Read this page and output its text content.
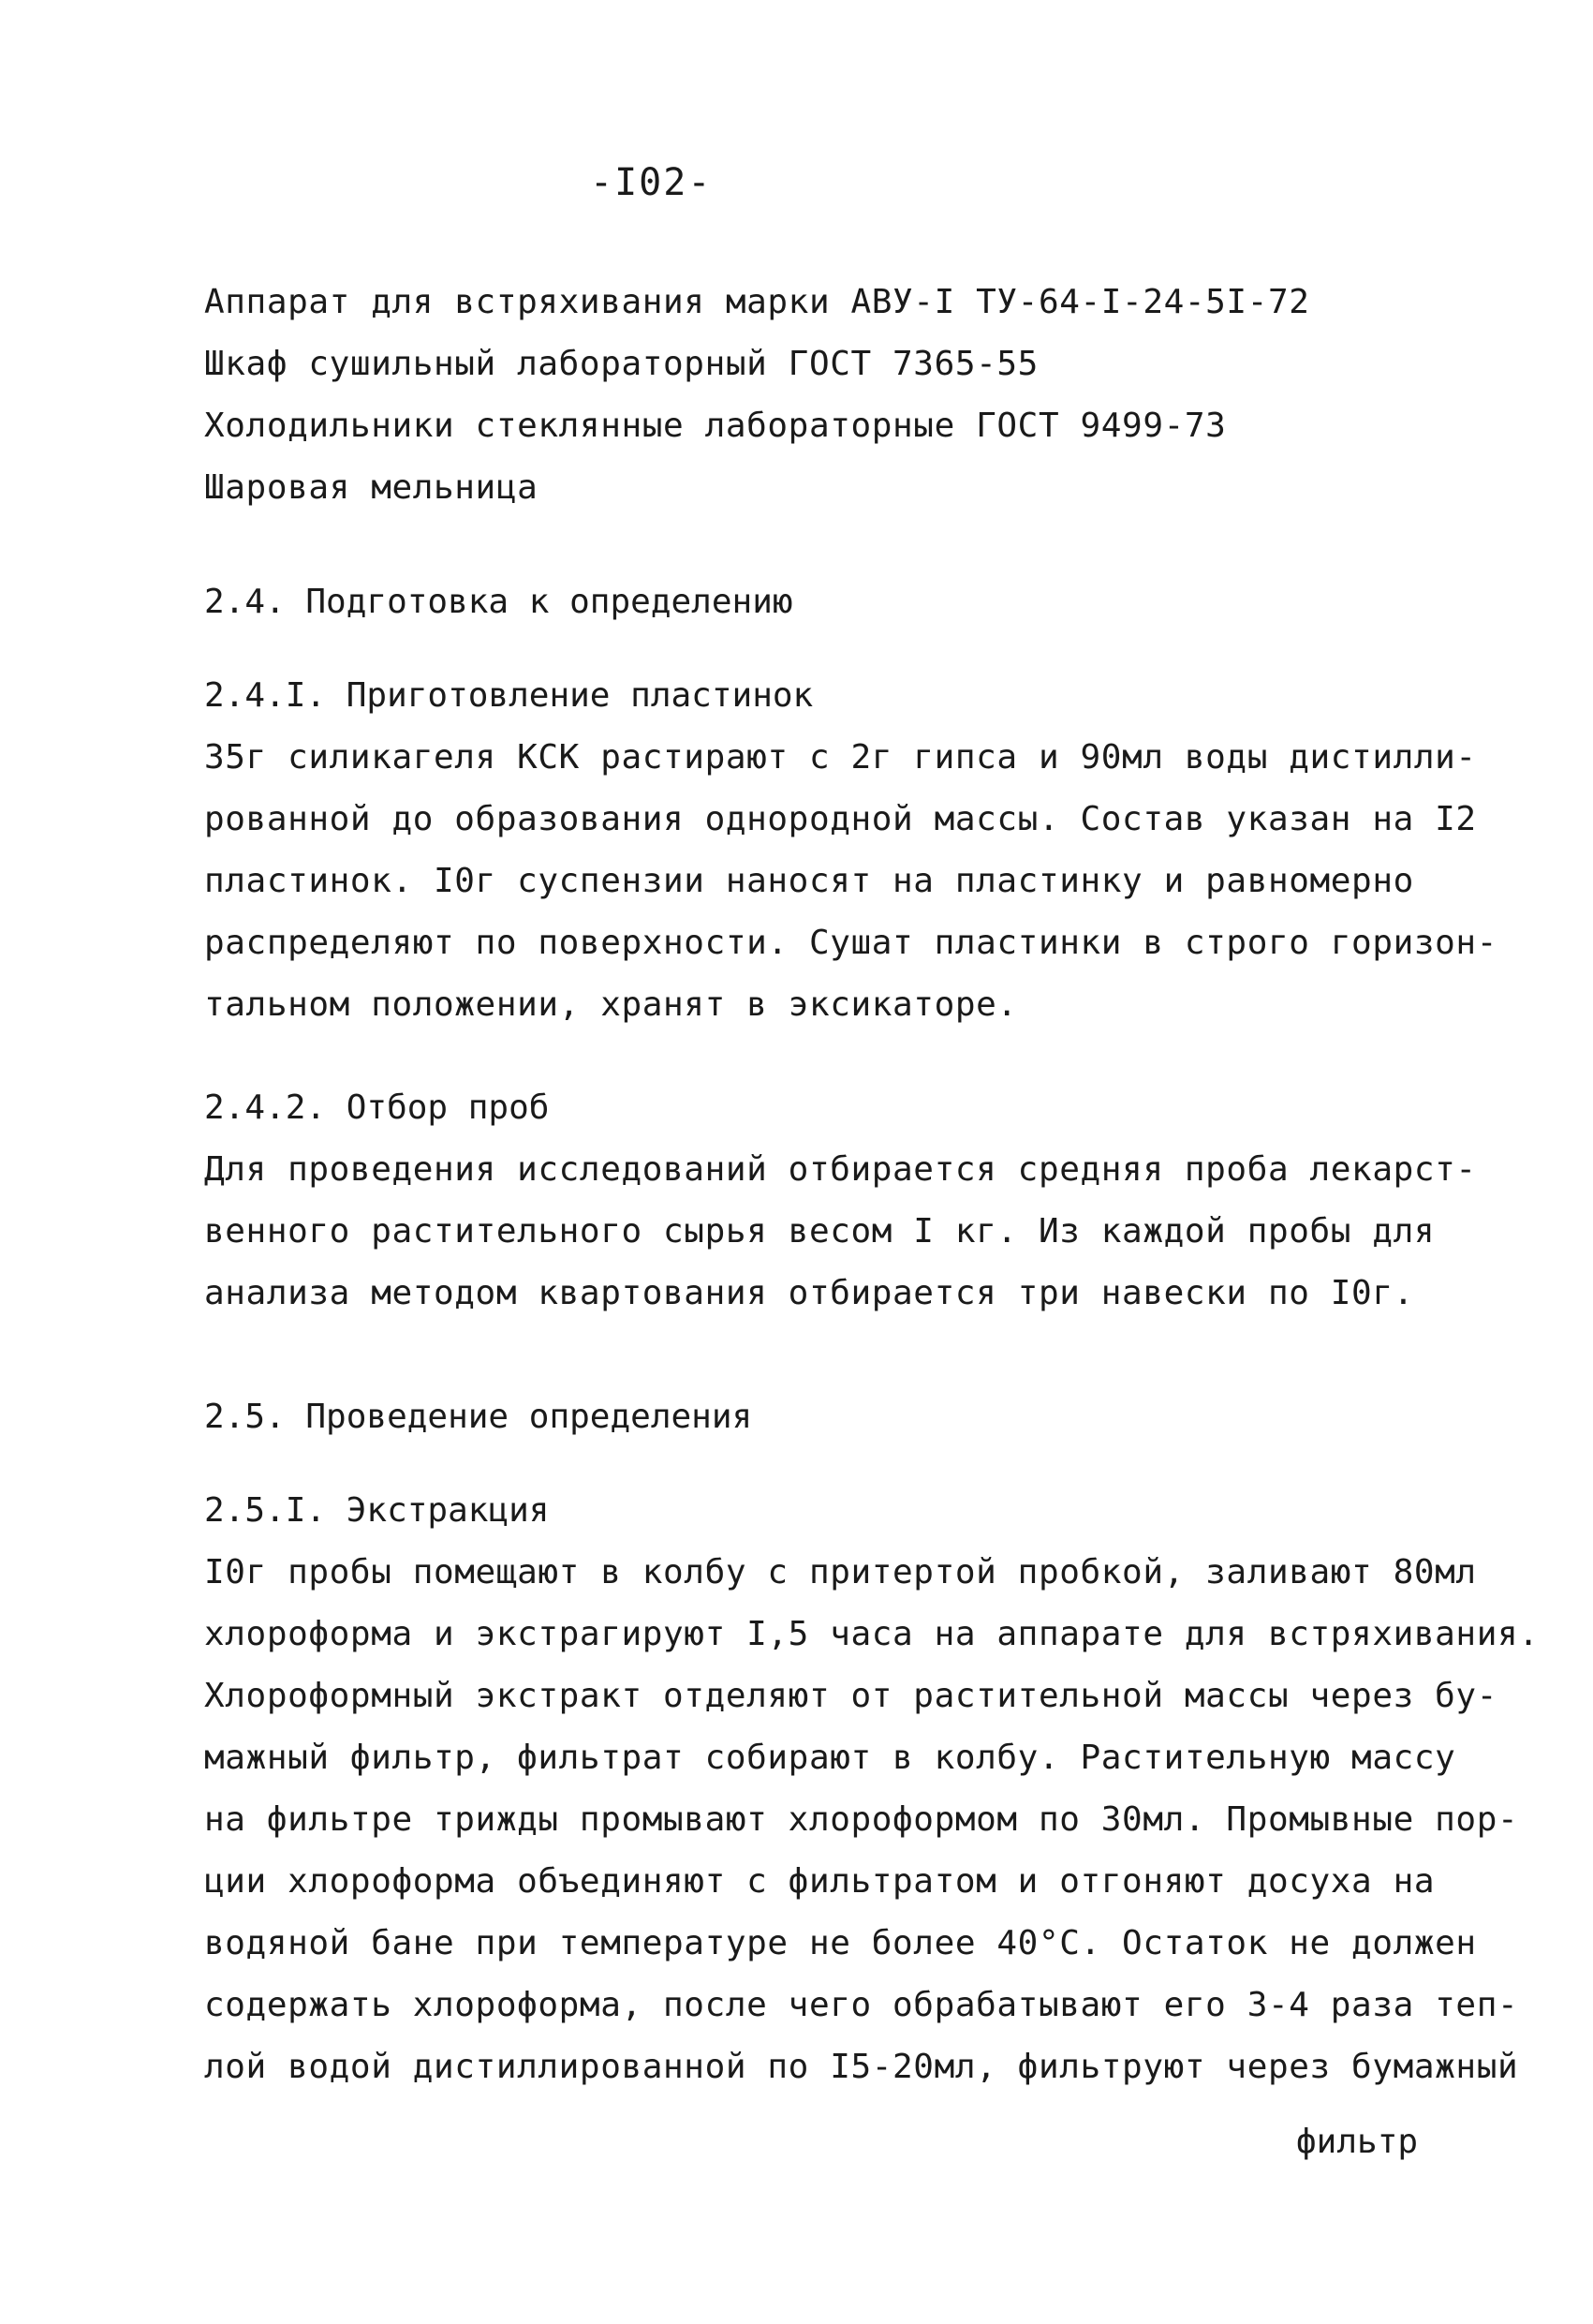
-I02-
Аппарат для встряхивания марки АВУ-I ТУ-64-I-24-5I-72
Шкаф сушильный лабораторный ГОСТ 7365-55
Холодильники стеклянные лабораторные ГОСТ 9499-73
Шаровая мельница
2.4. Подготовка к определению
2.4.I. Приготовление пластинок
35г силикагеля КСК растирают с 2г гипса и 90мл воды дистилли-
рованной до образования однородной массы. Состав указан на I2
пластинок. I0г суспензии наносят на пластинку и равномерно
распределяют по поверхности. Сушат пластинки в строго горизон-
тальном положении, хранят в эксикаторе.
2.4.2. Отбор проб
Для проведения исследований отбирается средняя проба лекарст-
венного растительного сырья весом I кг. Из каждой пробы для
анализа методом квартования отбирается три навески по I0г.
2.5. Проведение определения
2.5.I. Экстракция
I0г пробы помещают в колбу с притертой пробкой, заливают 80мл
хлороформа и экстрагируют I,5 часа на аппарате для встряхивания.
Хлороформный экстракт отделяют от растительной массы через бу-
мажный фильтр, фильтрат собирают в колбу. Растительную массу
на фильтре трижды промывают хлороформом по 30мл. Промывные пор-
ции хлороформа объединяют с фильтратом и отгоняют досуха на
водяной бане при температуре не более 40°С. Остаток не должен
содержать хлороформа, после чего обрабатывают его 3-4 раза теп-
лой водой дистиллированной по I5-20мл, фильтруют через бумажный
фильтр
